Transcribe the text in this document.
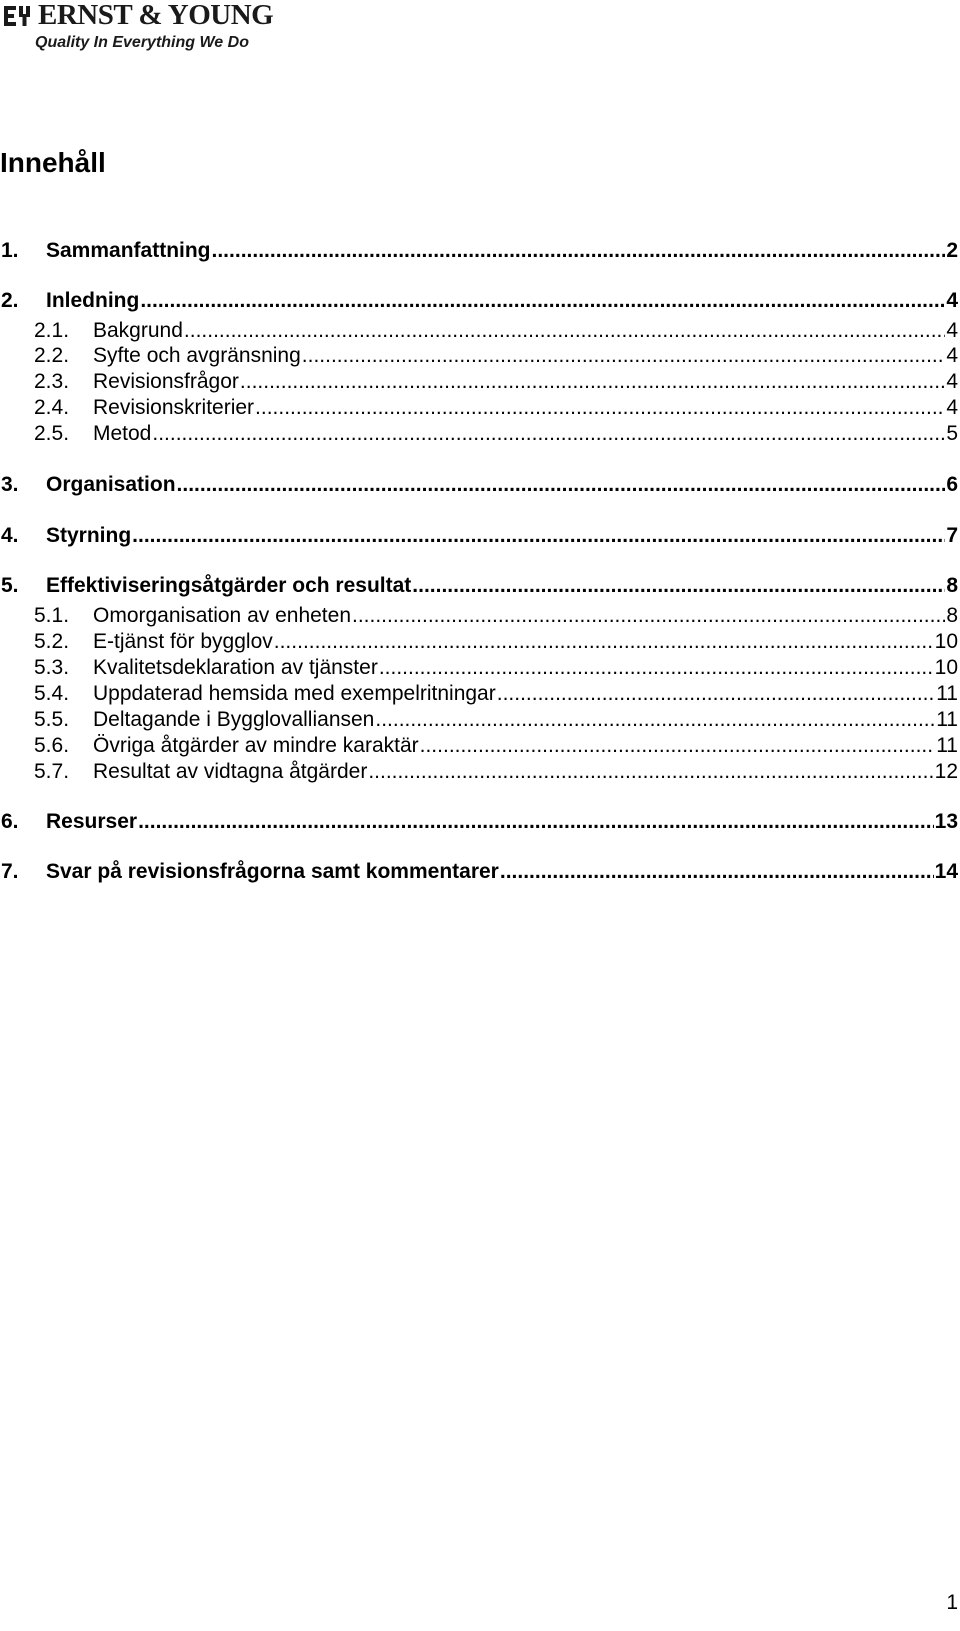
ERNST & YOUNG
Quality In Everything We Do
Innehåll
1.	Sammanfattning .....	2
2.	Inledning .....	4
2.1.	Bakgrund .....	4
2.2.	Syfte och avgränsning .....	4
2.3.	Revisionsfrågor .....	4
2.4.	Revisionskriterier .....	4
2.5.	Metod .....	5
3.	Organisation .....	6
4.	Styrning .....	7
5.	Effektiviseringsåtgärder och resultat .....	8
5.1.	Omorganisation av enheten .....	8
5.2.	E-tjänst för bygglov .....	10
5.3.	Kvalitetsdeklaration av tjänster .....	10
5.4.	Uppdaterad hemsida med exempelritningar .....	11
5.5.	Deltagande i Bygglovalliansen .....	11
5.6.	Övriga åtgärder av mindre karaktär .....	11
5.7.	Resultat av vidtagna åtgärder .....	12
6.	Resurser .....	13
7.	Svar på revisionsfrågorna samt kommentarer .....	14
1
